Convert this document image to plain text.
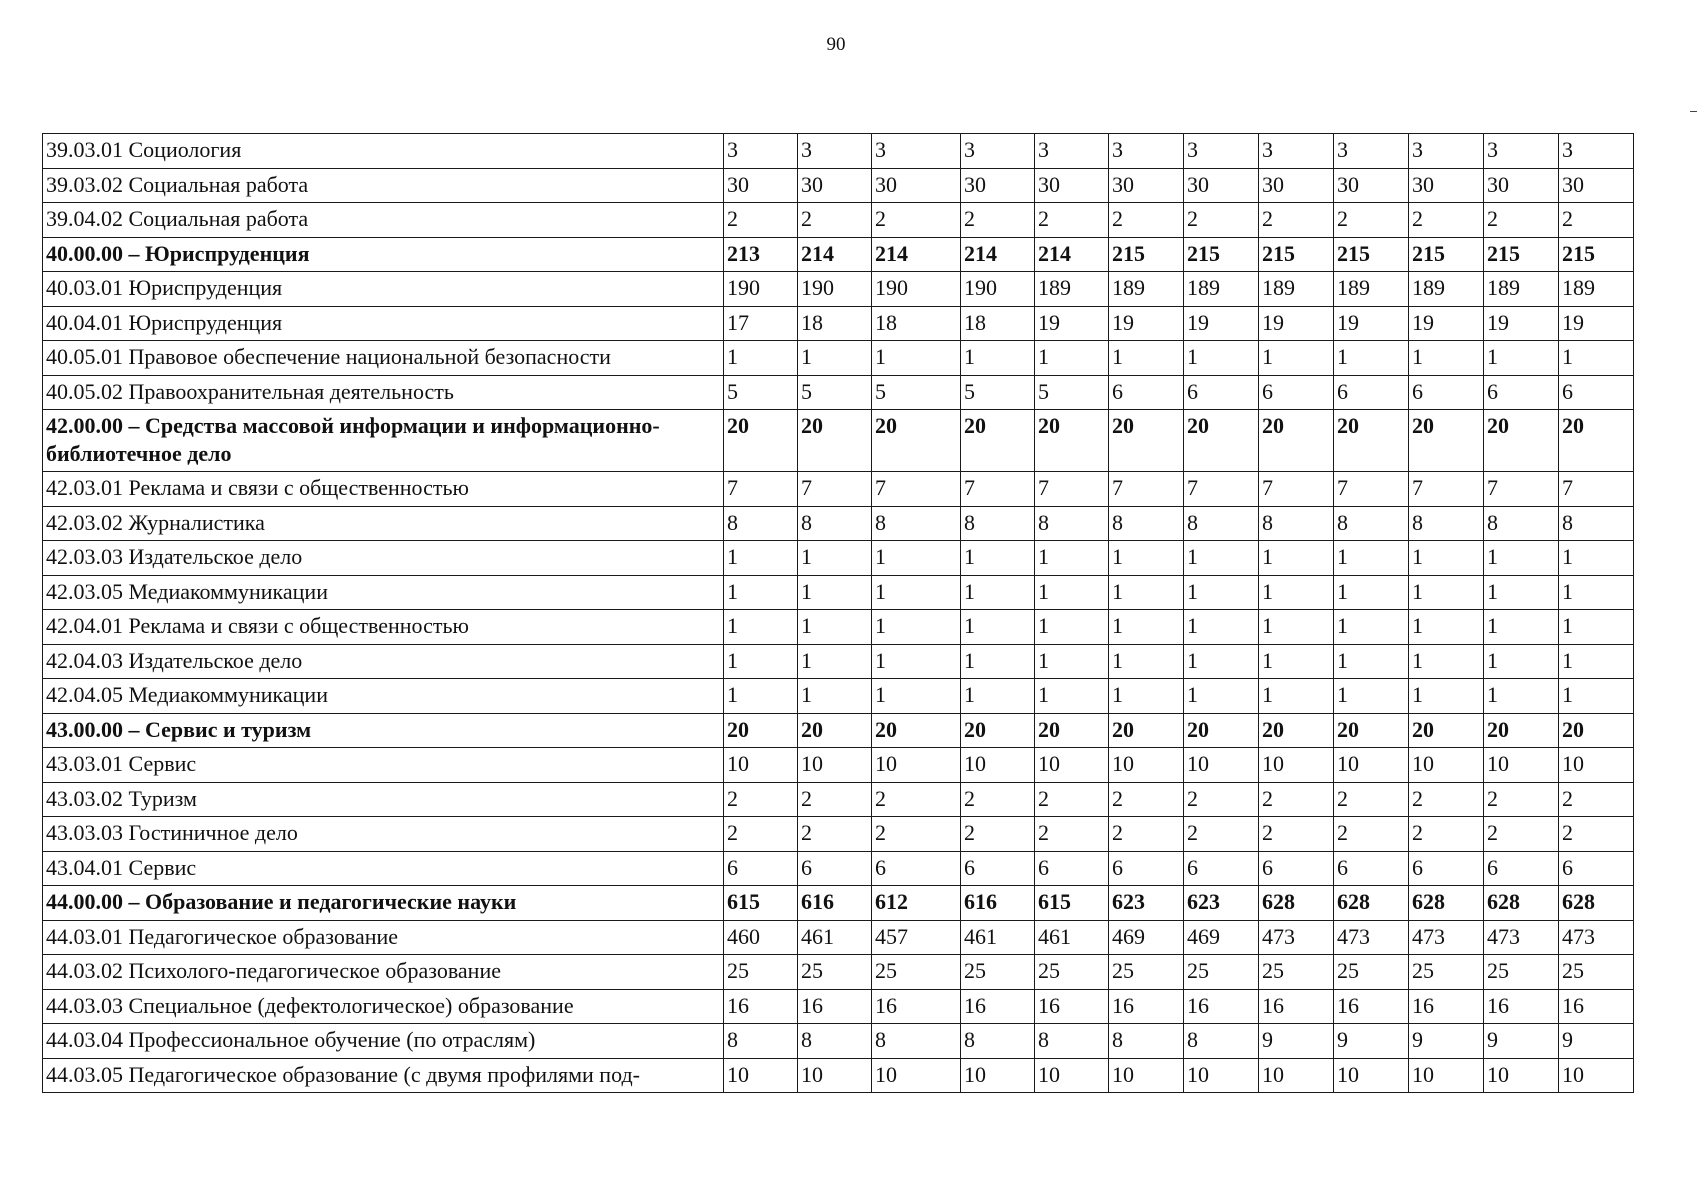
90
39.03.01 Социология	3	3	3	3	3	3	3	3	3	3	3	3
39.03.02 Социальная работа	30	30	30	30	30	30	30	30	30	30	30	30
39.04.02 Социальная работа	2	2	2	2	2	2	2	2	2	2	2	2
40.00.00 – Юриспруденция	213	214	214	214	214	215	215	215	215	215	215	215
40.03.01 Юриспруденция	190	190	190	190	189	189	189	189	189	189	189	189
40.04.01 Юриспруденция	17	18	18	18	19	19	19	19	19	19	19	19
40.05.01 Правовое обеспечение национальной безопасности	1	1	1	1	1	1	1	1	1	1	1	1
40.05.02 Правоохранительная деятельность	5	5	5	5	5	6	6	6	6	6	6	6
42.00.00 – Средства массовой информации и информационно-библиотечное дело	20	20	20	20	20	20	20	20	20	20	20	20
42.03.01 Реклама и связи с общественностью	7	7	7	7	7	7	7	7	7	7	7	7
42.03.02 Журналистика	8	8	8	8	8	8	8	8	8	8	8	8
42.03.03 Издательское дело	1	1	1	1	1	1	1	1	1	1	1	1
42.03.05 Медиакоммуникации	1	1	1	1	1	1	1	1	1	1	1	1
42.04.01 Реклама и связи с общественностью	1	1	1	1	1	1	1	1	1	1	1	1
42.04.03 Издательское дело	1	1	1	1	1	1	1	1	1	1	1	1
42.04.05 Медиакоммуникации	1	1	1	1	1	1	1	1	1	1	1	1
43.00.00 – Сервис и туризм	20	20	20	20	20	20	20	20	20	20	20	20
43.03.01 Сервис	10	10	10	10	10	10	10	10	10	10	10	10
43.03.02 Туризм	2	2	2	2	2	2	2	2	2	2	2	2
43.03.03 Гостиничное дело	2	2	2	2	2	2	2	2	2	2	2	2
43.04.01 Сервис	6	6	6	6	6	6	6	6	6	6	6	6
44.00.00 – Образование и педагогические науки	615	616	612	616	615	623	623	628	628	628	628	628
44.03.01 Педагогическое образование	460	461	457	461	461	469	469	473	473	473	473	473
44.03.02 Психолого-педагогическое образование	25	25	25	25	25	25	25	25	25	25	25	25
44.03.03 Специальное (дефектологическое) образование	16	16	16	16	16	16	16	16	16	16	16	16
44.03.04 Профессиональное обучение (по отраслям)	8	8	8	8	8	8	8	9	9	9	9	9
44.03.05 Педагогическое образование (с двумя профилями под-	10	10	10	10	10	10	10	10	10	10	10	10
